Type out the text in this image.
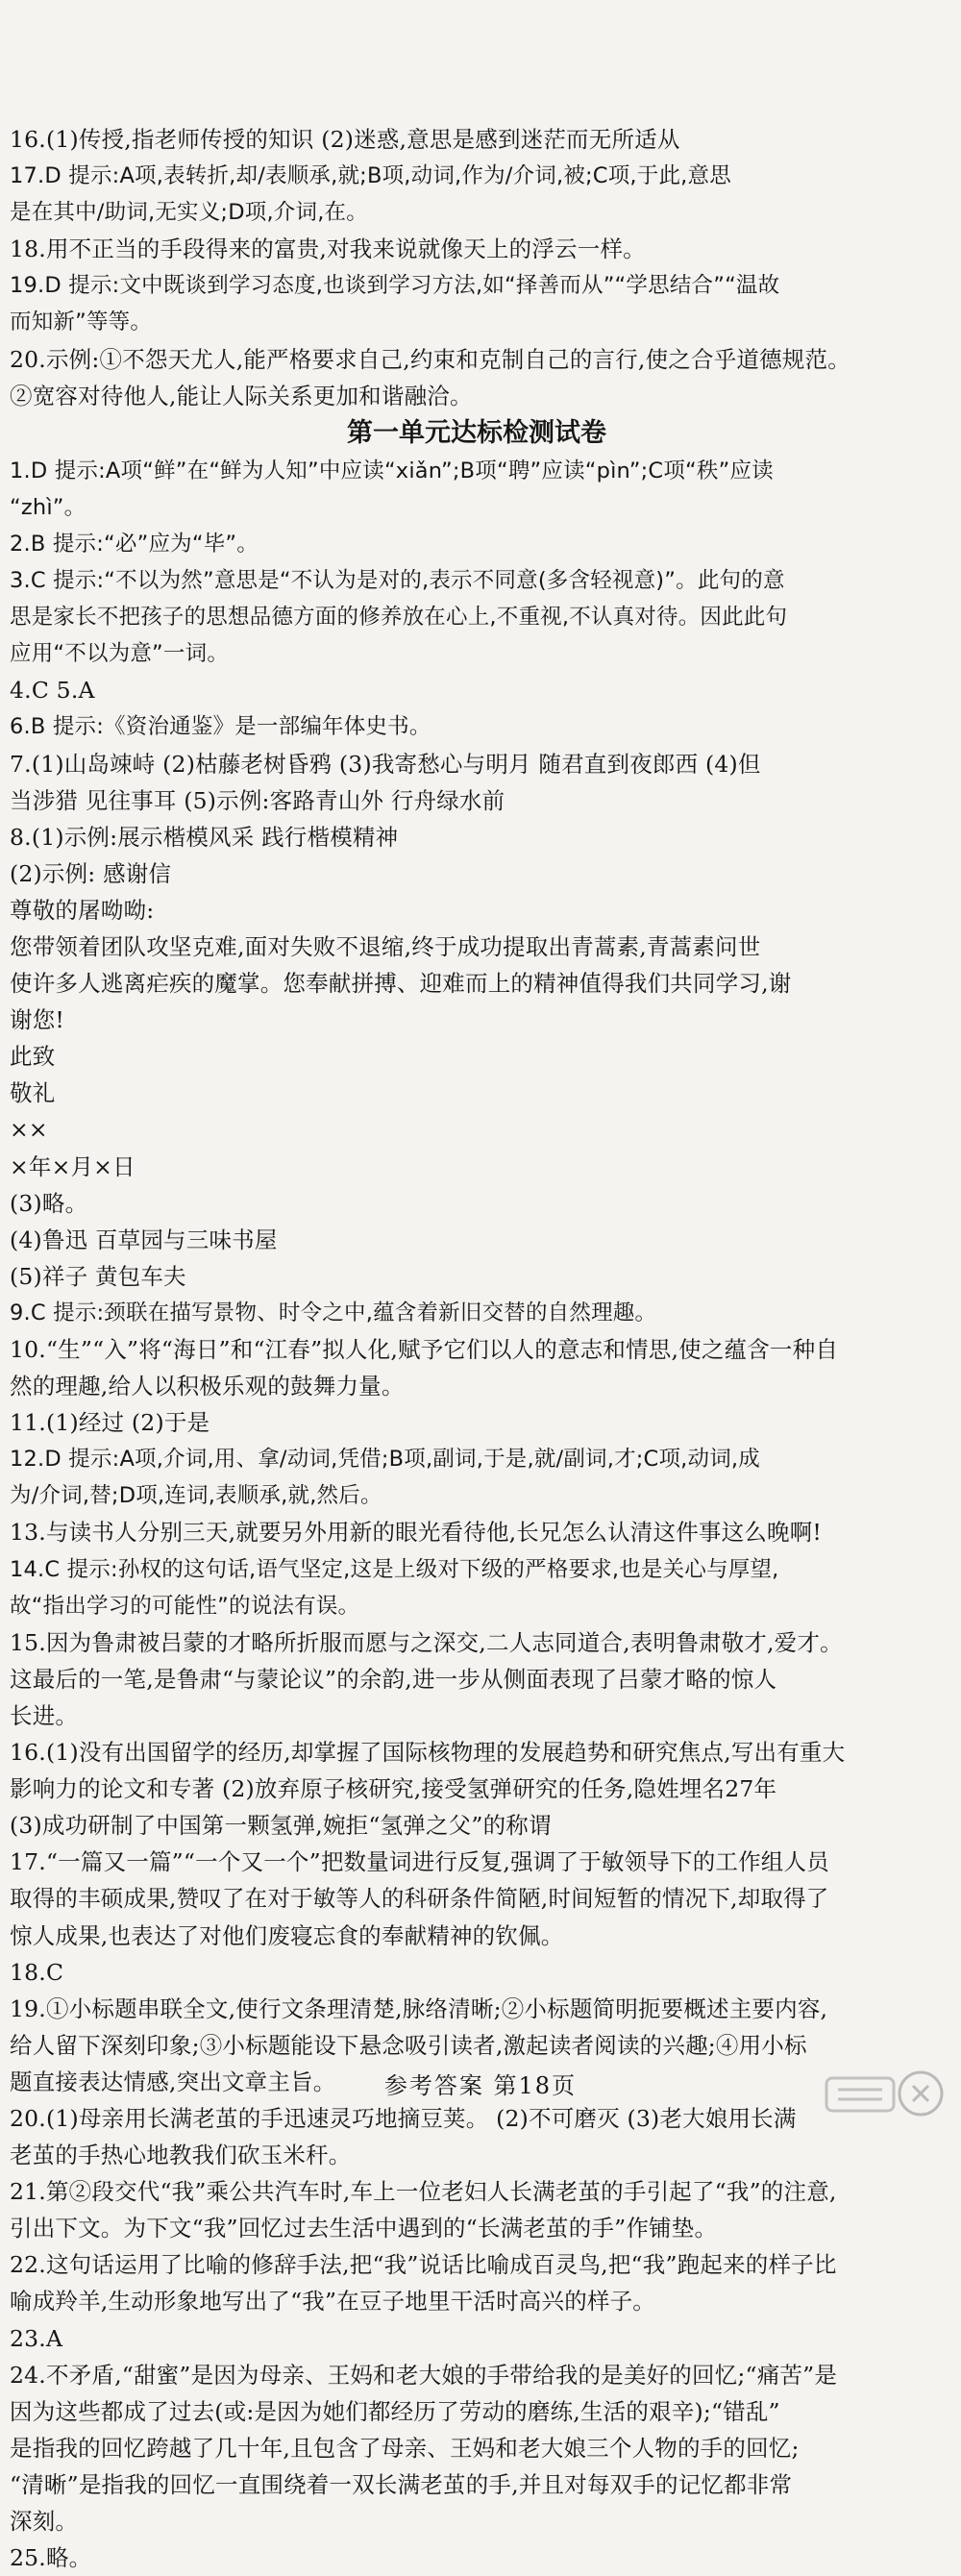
16.(1)传授,指老师传授的知识 (2)迷惑,意思是感到迷茫而无所适从
17.D 提示:A项,表转折,却/表顺承,就;B项,动词,作为/介词,被;C项,于此,意思
是在其中/助词,无实义;D项,介词,在。
18.用不正当的手段得来的富贵,对我来说就像天上的浮云一样。
19.D 提示:文中既谈到学习态度,也谈到学习方法,如“择善而从”“学思结合”“温故
而知新”等等。
20.示例:①不怨天尤人,能严格要求自己,约束和克制自己的言行,使之合乎道德规范。
②宽容对待他人,能让人际关系更加和谐融洽。
第一单元达标检测试卷
1.D 提示:A项“鲜”在“鲜为人知”中应读“xiǎn”;B项“聘”应读“pìn”;C项“秩”应读
“zhì”。
2.B 提示:“必”应为“毕”。
3.C 提示:“不以为然”意思是“不认为是对的,表示不同意(多含轻视意)”。此句的意
思是家长不把孩子的思想品德方面的修养放在心上,不重视,不认真对待。因此此句
应用“不以为意”一词。
4.C 5.A
6.B 提示:《资治通鉴》是一部编年体史书。
7.(1)山岛竦峙 (2)枯藤老树昏鸦 (3)我寄愁心与明月 随君直到夜郎西 (4)但
当涉猎 见往事耳 (5)示例:客路青山外 行舟绿水前
8.(1)示例:展示楷模风采 践行楷模精神
(2)示例: 感谢信
尊敬的屠呦呦:
您带领着团队攻坚克难,面对失败不退缩,终于成功提取出青蒿素,青蒿素问世
使许多人逃离疟疾的魔掌。您奉献拼搏、迎难而上的精神值得我们共同学习,谢
谢您!
此致
敬礼
××
×年×月×日
(3)略。
(4)鲁迅 百草园与三味书屋
(5)祥子 黄包车夫
9.C 提示:颈联在描写景物、时令之中,蕴含着新旧交替的自然理趣。
10.“生”“入”将“海日”和“江春”拟人化,赋予它们以人的意志和情思,使之蕴含一种自
然的理趣,给人以积极乐观的鼓舞力量。
11.(1)经过 (2)于是
12.D 提示:A项,介词,用、拿/动词,凭借;B项,副词,于是,就/副词,才;C项,动词,成
为/介词,替;D项,连词,表顺承,就,然后。
13.与读书人分别三天,就要另外用新的眼光看待他,长兄怎么认清这件事这么晚啊!
14.C 提示:孙权的这句话,语气坚定,这是上级对下级的严格要求,也是关心与厚望,
故“指出学习的可能性”的说法有误。
15.因为鲁肃被吕蒙的才略所折服而愿与之深交,二人志同道合,表明鲁肃敬才,爱才。
这最后的一笔,是鲁肃“与蒙论议”的余韵,进一步从侧面表现了吕蒙才略的惊人
长进。
16.(1)没有出国留学的经历,却掌握了国际核物理的发展趋势和研究焦点,写出有重大
影响力的论文和专著 (2)放弃原子核研究,接受氢弹研究的任务,隐姓埋名27年
(3)成功研制了中国第一颗氢弹,婉拒“氢弹之父”的称谓
17.“一篇又一篇”“一个又一个”把数量词进行反复,强调了于敏领导下的工作组人员
取得的丰硕成果,赞叹了在对于敏等人的科研条件简陋,时间短暂的情况下,却取得了
惊人成果,也表达了对他们废寝忘食的奉献精神的钦佩。
18.C
19.①小标题串联全文,使行文条理清楚,脉络清晰;②小标题简明扼要概述主要内容,
给人留下深刻印象;③小标题能设下悬念吸引读者,激起读者阅读的兴趣;④用小标
题直接表达情感,突出文章主旨。
20.(1)母亲用长满老茧的手迅速灵巧地摘豆荚。 (2)不可磨灭 (3)老大娘用长满
老茧的手热心地教我们砍玉米秆。
21.第②段交代“我”乘公共汽车时,车上一位老妇人长满老茧的手引起了“我”的注意,
引出下文。为下文“我”回忆过去生活中遇到的“长满老茧的手”作铺垫。
22.这句话运用了比喻的修辞手法,把“我”说话比喻成百灵鸟,把“我”跑起来的样子比
喻成羚羊,生动形象地写出了“我”在豆子地里干活时高兴的样子。
23.A
24.不矛盾,“甜蜜”是因为母亲、王妈和老大娘的手带给我的是美好的回忆;“痛苦”是
因为这些都成了过去(或:是因为她们都经历了劳动的磨练,生活的艰辛);“错乱”
是指我的回忆跨越了几十年,且包含了母亲、王妈和老大娘三个人物的手的回忆;
“清晰”是指我的回忆一直围绕着一双长满老茧的手,并且对每双手的记忆都非常
深刻。
25.略。
参考答案 第18页
